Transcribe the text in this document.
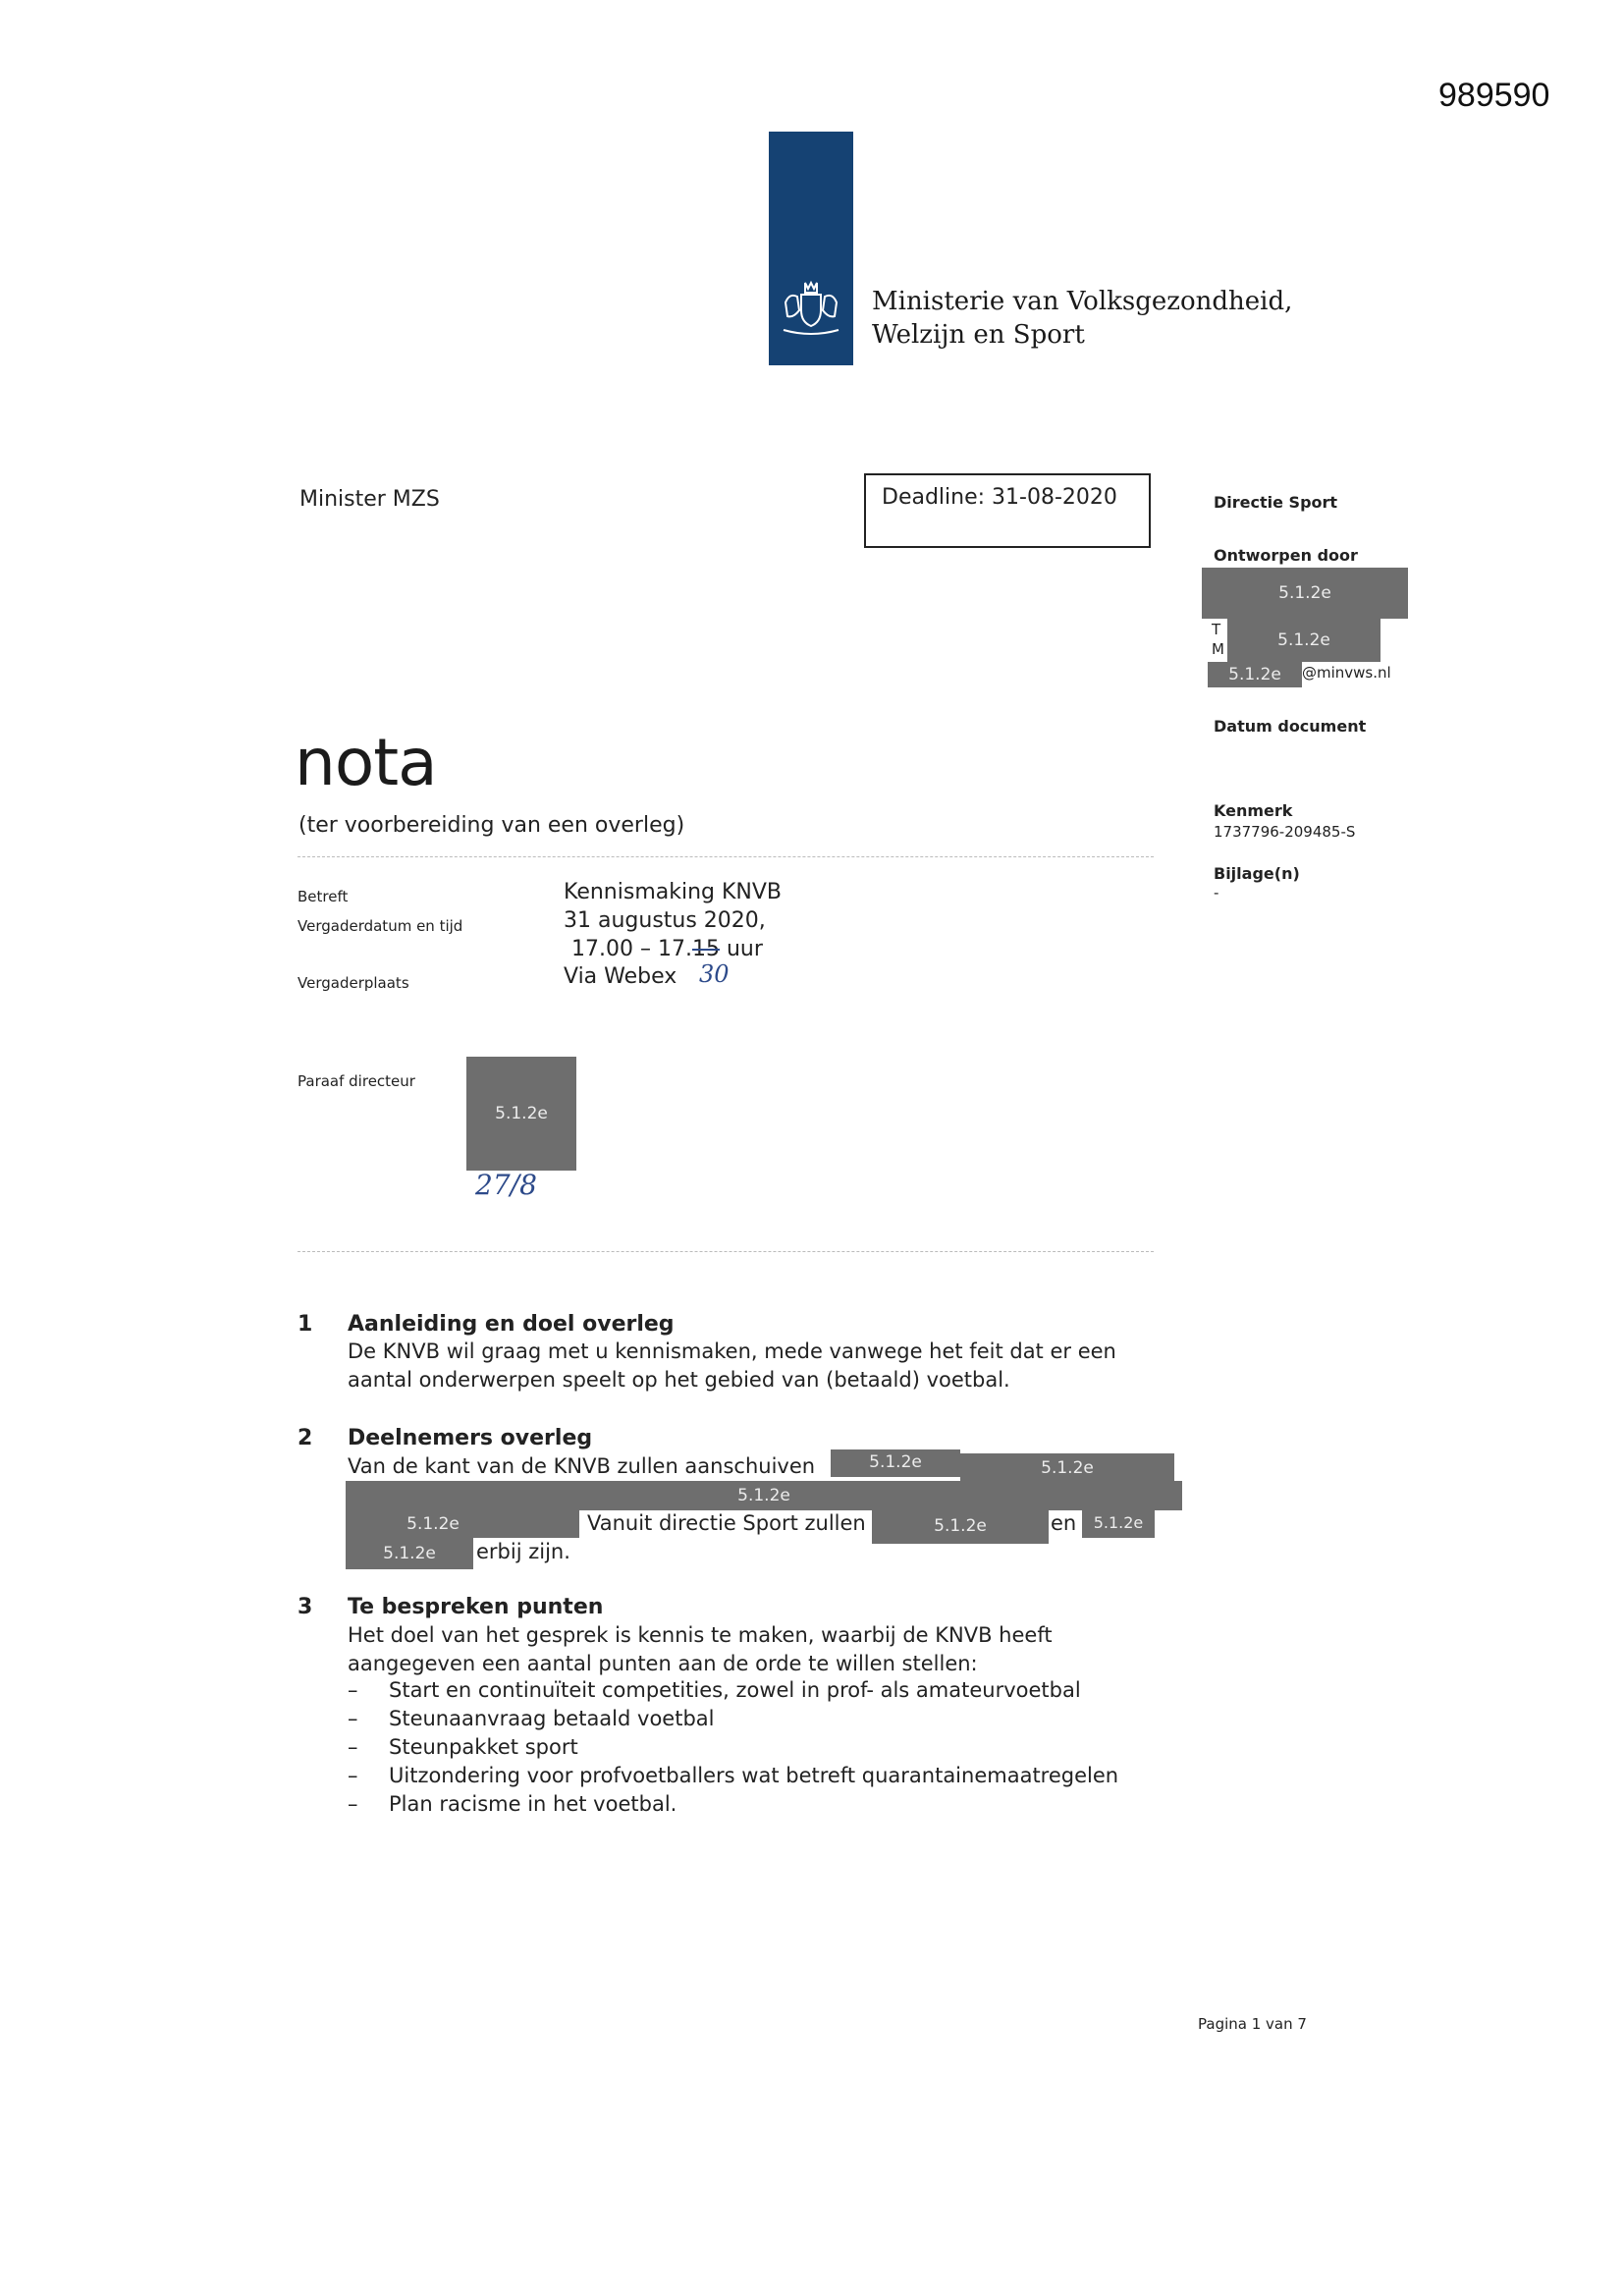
989590
Ministerie van Volksgezondheid,
Welzijn en Sport
Minister MZS	Deadline: 31-08-2020	Directie Sport
Ontworpen door
5.1.2e
T
M	5.1.2e
5.1.2e	@minvws.nl
Datum document
Kenmerk
1737796-209485-S
Bijlage(n)
-
nota
(ter voorbereiding van een overleg)
Betreft	Kennismaking KNVB
Vergaderdatum en tijd	31 augustus 2020,
17.00 – 17.15 uur
Vergaderplaats	Via Webex 30
Paraaf directeur
5.1.2e
27/8
1 Aanleiding en doel overleg
De KNVB wil graag met u kennismaken, mede vanwege het feit dat er een
aantal onderwerpen speelt op het gebied van (betaald) voetbal.
2 Deelnemers overleg
Van de kant van de KNVB zullen aanschuiven	5.1.2e	5.1.2e
5.1.2e
5.1.2e	Vanuit directie Sport zullen	5.1.2e	en	5.1.2e
5.1.2e	erbij zijn.
3 Te bespreken punten
Het doel van het gesprek is kennis te maken, waarbij de KNVB heeft
aangegeven een aantal punten aan de orde te willen stellen:
– Start en continuïteit competities, zowel in prof- als amateurvoetbal
– Steunaanvraag betaald voetbal
– Steunpakket sport
– Uitzondering voor profvoetballers wat betreft quarantainemaatregelen
– Plan racisme in het voetbal.
Pagina 1 van 7
